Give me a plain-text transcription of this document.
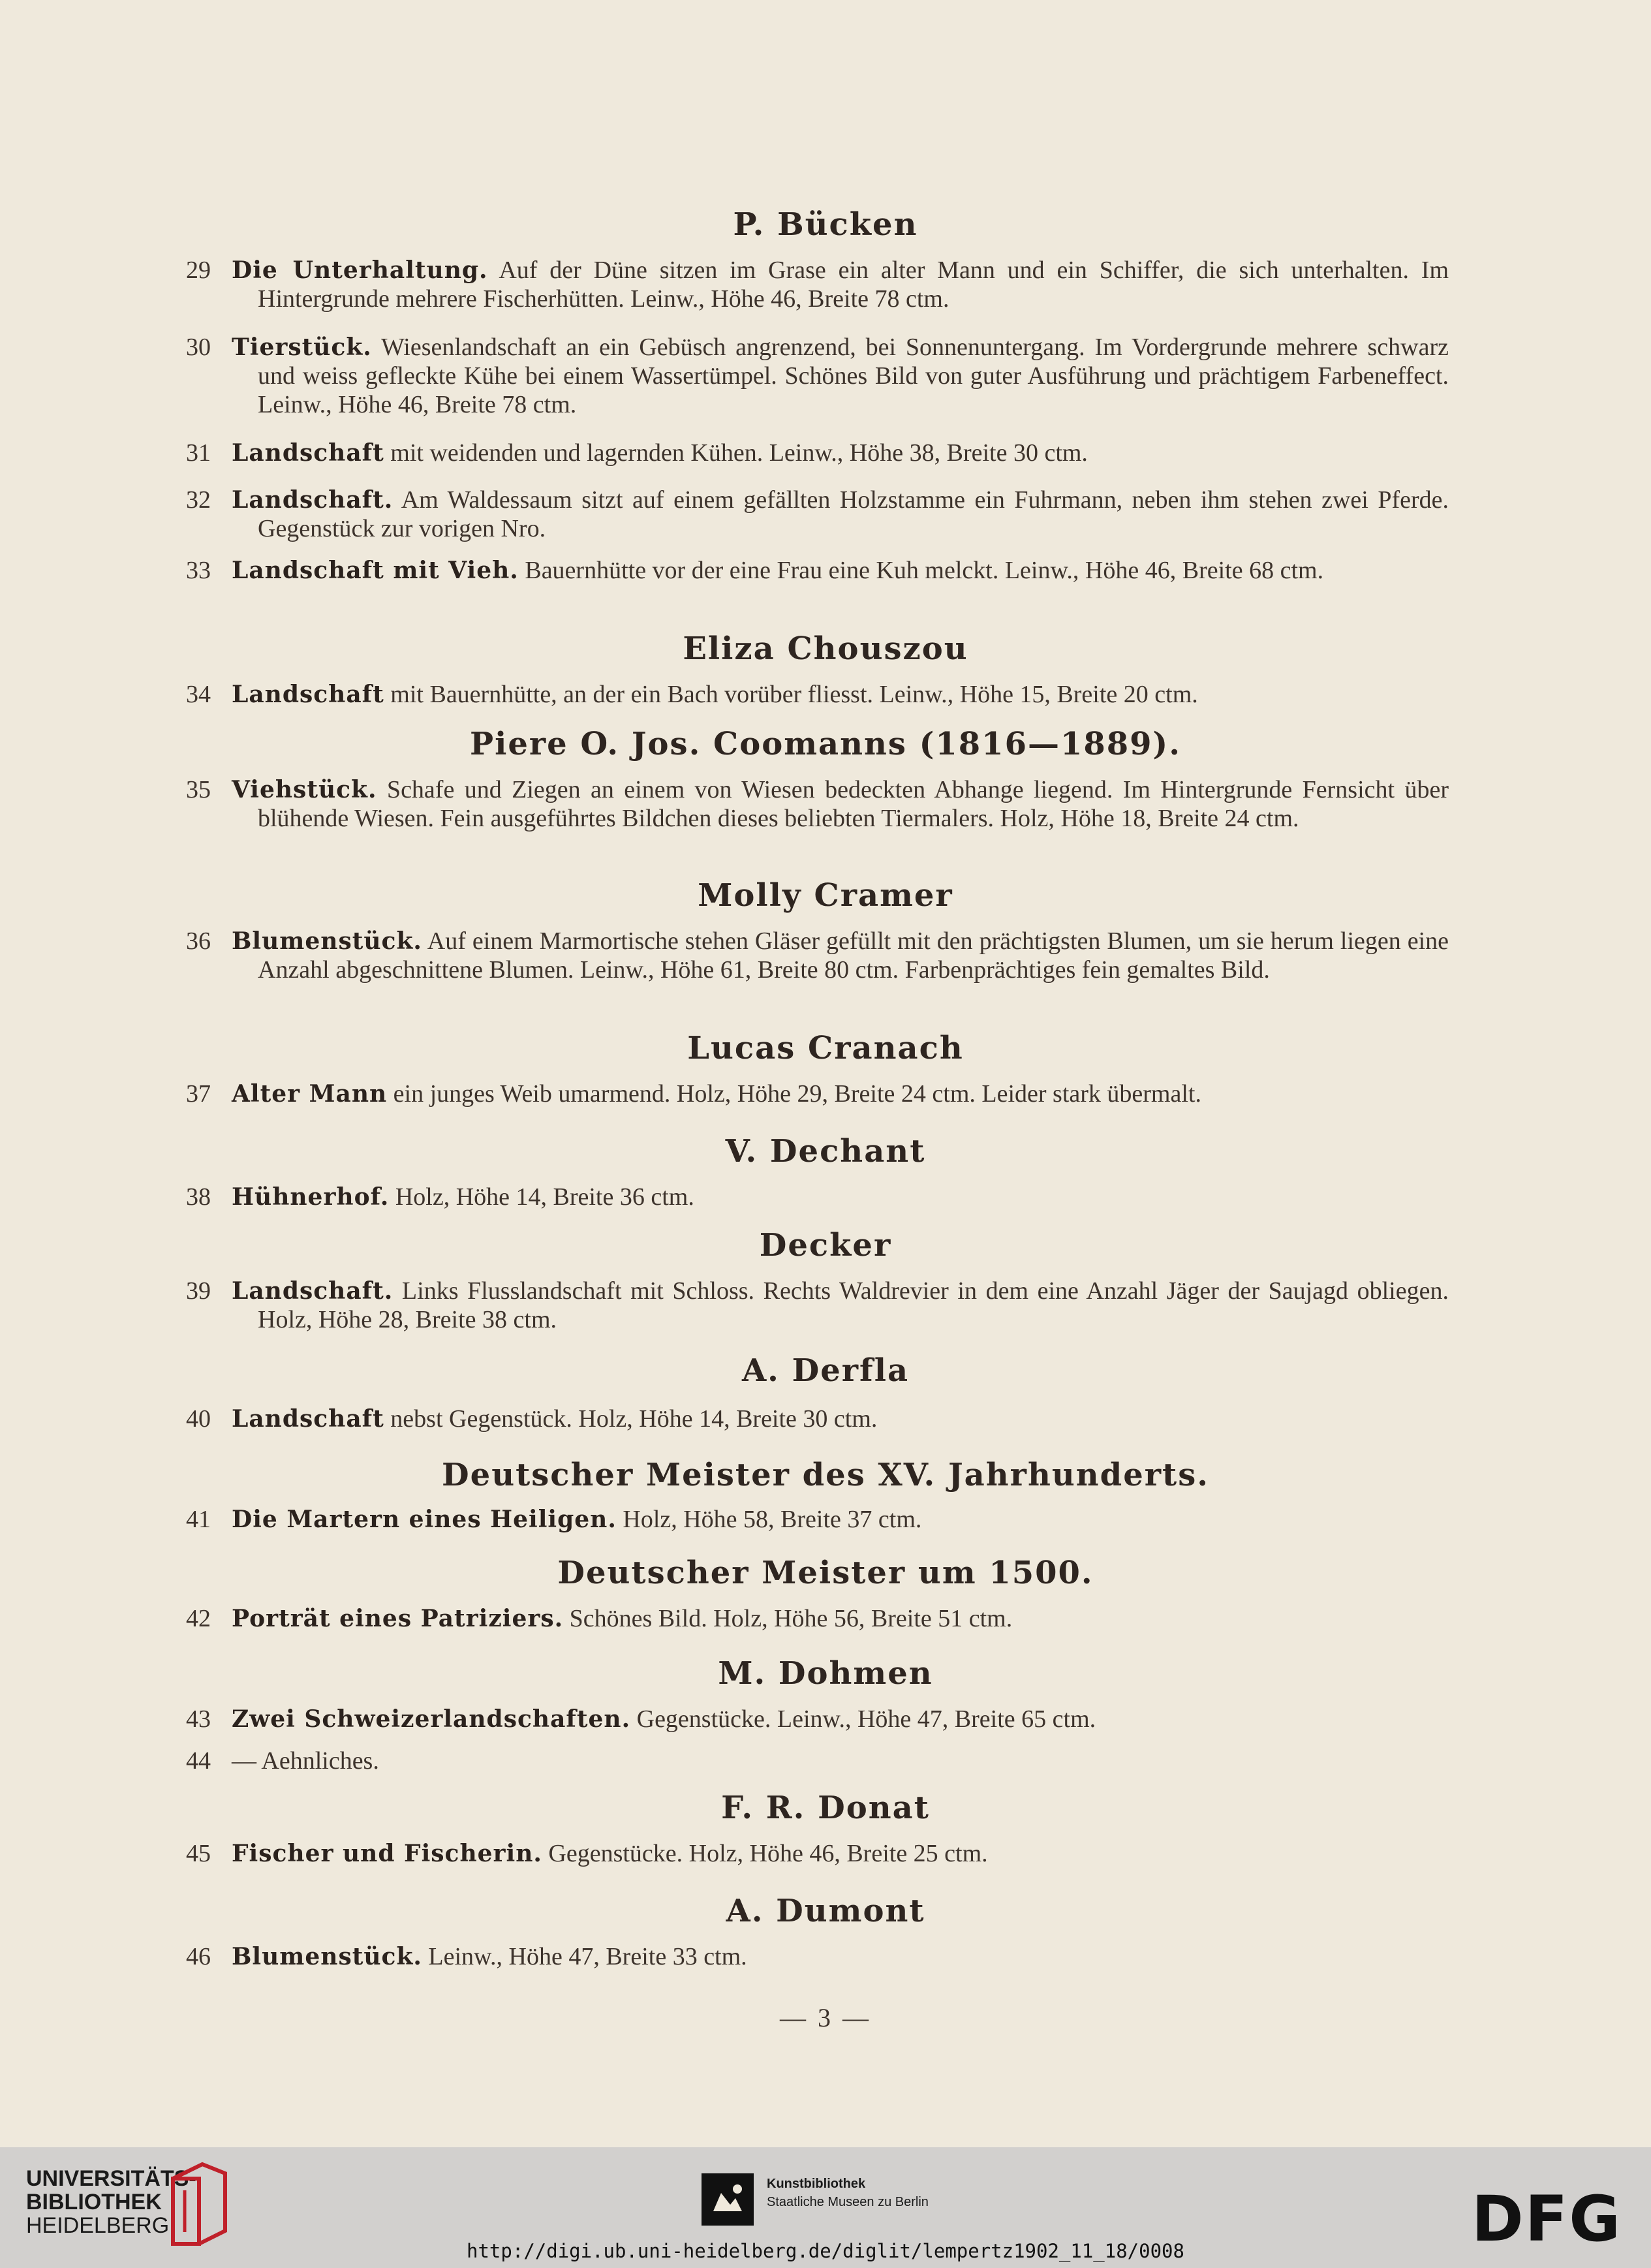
P. Bücken
29 Die Unterhaltung. Auf der Düne sitzen im Grase ein alter Mann und ein Schiffer, die sich unterhalten. Im Hintergrunde mehrere Fischerhütten. Leinw., Höhe 46, Breite 78 ctm.
30 Tierstück. Wiesenlandschaft an ein Gebüsch angrenzend, bei Sonnenuntergang. Im Vordergrunde mehrere schwarz und weiss gefleckte Kühe bei einem Wassertümpel. Schönes Bild von guter Ausführung und prächtigem Farbeneffect. Leinw., Höhe 46, Breite 78 ctm.
31 Landschaft mit weidenden und lagernden Kühen. Leinw., Höhe 38, Breite 30 ctm.
32 Landschaft. Am Waldessaum sitzt auf einem gefällten Holzstamme ein Fuhrmann, neben ihm stehen zwei Pferde. Gegenstück zur vorigen Nro.
33 Landschaft mit Vieh. Bauernhütte vor der eine Frau eine Kuh melckt. Leinw., Höhe 46, Breite 68 ctm.
Eliza Chouszou
34 Landschaft mit Bauernhütte, an der ein Bach vorüber fliesst. Leinw., Höhe 15, Breite 20 ctm.
Piere O. Jos. Coomanns (1816—1889).
35 Viehstück. Schafe und Ziegen an einem von Wiesen bedeckten Abhange liegend. Im Hintergrunde Fernsicht über blühende Wiesen. Fein ausgeführtes Bildchen dieses beliebten Tiermalers. Holz, Höhe 18, Breite 24 ctm.
Molly Cramer
36 Blumenstück. Auf einem Marmortische stehen Gläser gefüllt mit den prächtigsten Blumen, um sie herum liegen eine Anzahl abgeschnittene Blumen. Leinw., Höhe 61, Breite 80 ctm. Farbenprächtiges fein gemaltes Bild.
Lucas Cranach
37 Alter Mann ein junges Weib umarmend. Holz, Höhe 29, Breite 24 ctm. Leider stark übermalt.
V. Dechant
38 Hühnerhof. Holz, Höhe 14, Breite 36 ctm.
Decker
39 Landschaft. Links Flusslandschaft mit Schloss. Rechts Waldrevier in dem eine Anzahl Jäger der Saujagd obliegen. Holz, Höhe 28, Breite 38 ctm.
A. Derfla
40 Landschaft nebst Gegenstück. Holz, Höhe 14, Breite 30 ctm.
Deutscher Meister des XV. Jahrhunderts.
41 Die Martern eines Heiligen. Holz, Höhe 58, Breite 37 ctm.
Deutscher Meister um 1500.
42 Porträt eines Patriziers. Schönes Bild. Holz, Höhe 56, Breite 51 ctm.
M. Dohmen
43 Zwei Schweizerlandschaften. Gegenstücke. Leinw., Höhe 47, Breite 65 ctm.
44 — Aehnliches.
F. R. Donat
45 Fischer und Fischerin. Gegenstücke. Holz, Höhe 46, Breite 25 ctm.
A. Dumont
46 Blumenstück. Leinw., Höhe 47, Breite 33 ctm.
— 3 —
UNIVERSITÄTS-
BIBLIOTHEK
HEIDELBERG
Kunstbibliothek
Staatliche Museen zu Berlin	DFG
http://digi.ub.uni-heidelberg.de/diglit/lempertz1902_11_18/0008
